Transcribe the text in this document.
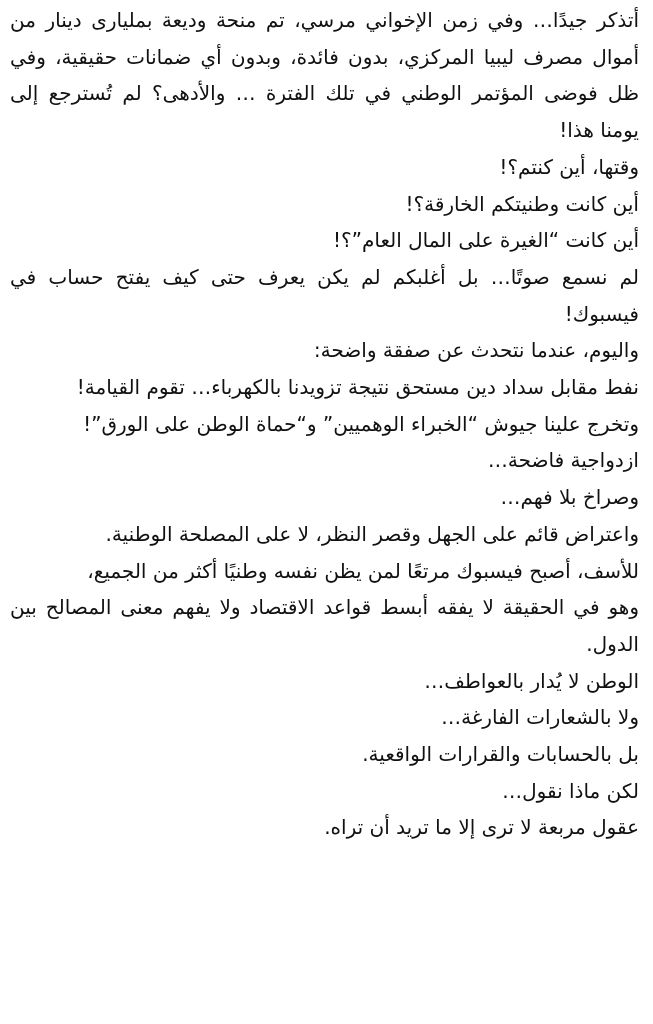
أتذكر جيدًا… وفي زمن الإخواني مرسي، تم منحة وديعة بمليارى دينار من أموال مصرف ليبيا المركزي، بدون فائدة، وبدون أي ضمانات حقيقية، وفي ظل فوضى المؤتمر الوطني في تلك الفترة … والأدهى؟ لم تُسترجع إلى يومنا هذا!

وقتها، أين كنتم؟!

أين كانت وطنيتكم الخارقة؟!

أين كانت “الغيرة على المال العام”؟!

لم نسمع صوتًا… بل أغلبكم لم يكن يعرف حتى كيف يفتح حساب في فيسبوك!

واليوم، عندما نتحدث عن صفقة واضحة:

نفط مقابل سداد دين مستحق نتيجة تزويدنا بالكهرباء… تقوم القيامة!

وتخرج علينا جيوش “الخبراء الوهميين” و“حماة الوطن على الورق”!

ازدواجية فاضحة…

وصراخ بلا فهم…

واعتراض قائم على الجهل وقصر النظر، لا على المصلحة الوطنية.

للأسف، أصبح فيسبوك مرتعًا لمن يظن نفسه وطنيًا أكثر من الجميع،

وهو في الحقيقة لا يفقه أبسط قواعد الاقتصاد ولا يفهم معنى المصالح بين الدول.

الوطن لا يُدار بالعواطف…

ولا بالشعارات الفارغة…

بل بالحسابات والقرارات الواقعية.

لكن ماذا نقول…

عقول مربعة لا ترى إلا ما تريد أن تراه.
